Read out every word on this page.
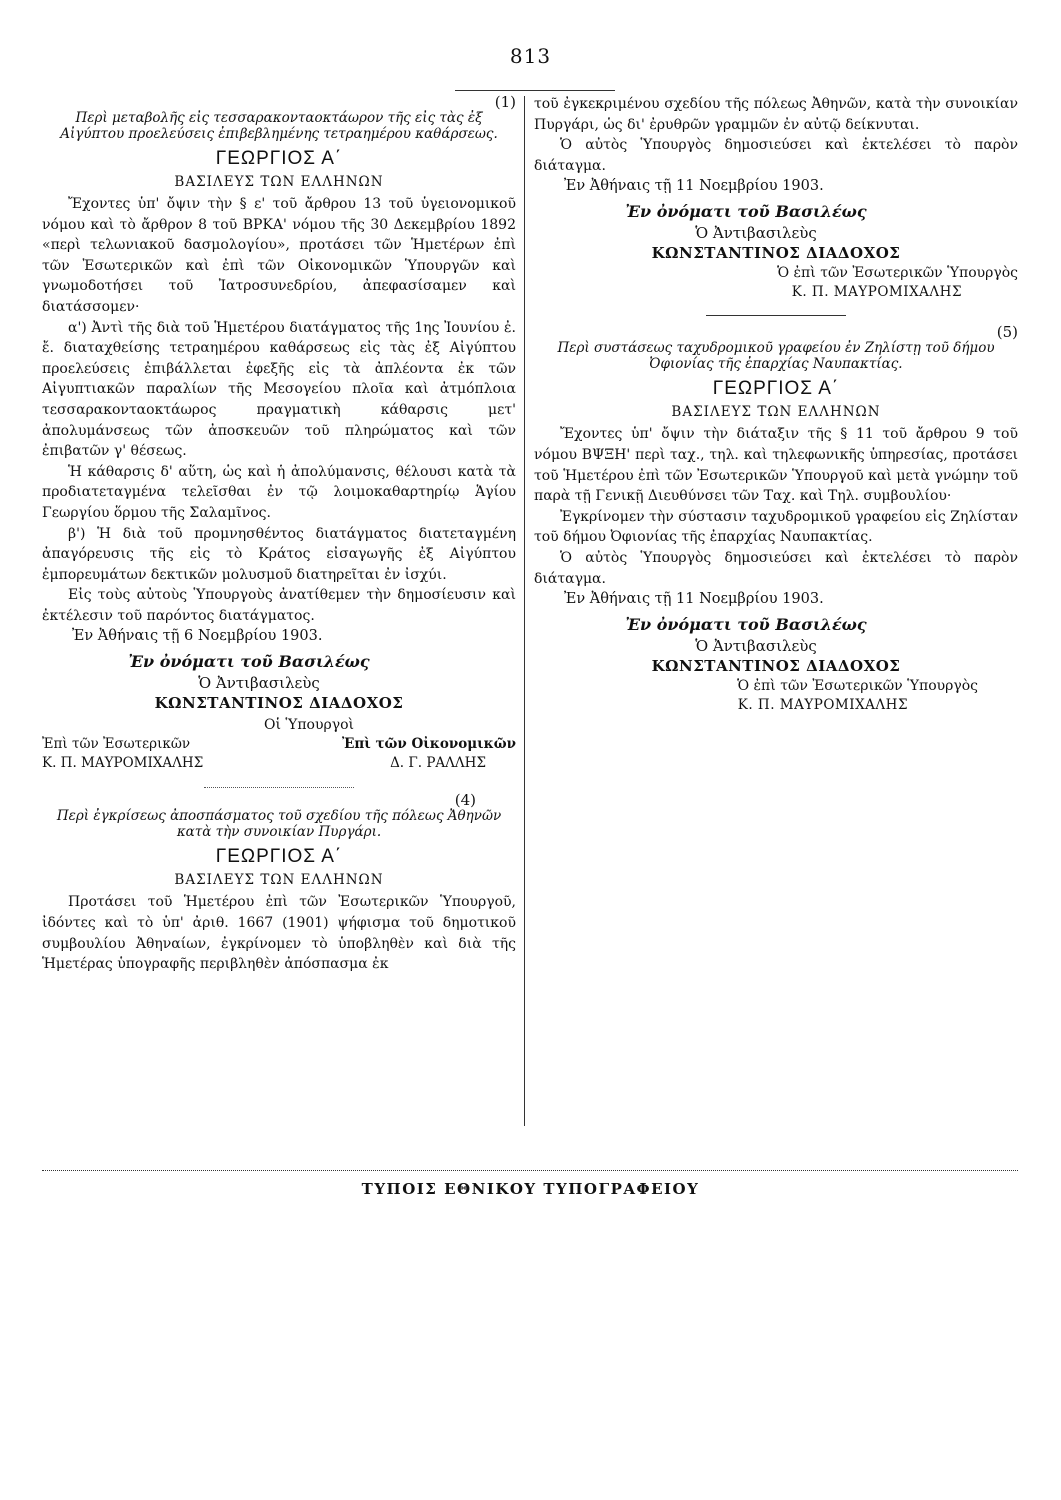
813

(1)

Περὶ μεταβολῆς εἰς τεσσαρακονταοκτάωρον τῆς εἰς τὰς ἐξ Αἰγύπτου προελεύσεις ἐπιβεβλημένης τετραημέρου καθάρσεως.

ΓΕΩΡΓΙΟΣ Α΄
ΒΑΣΙΛΕΥΣ ΤΩΝ ΕΛΛΗΝΩΝ

Ἔχοντες ὑπ' ὄψιν τὴν § ε' τοῦ ἄρθρου 13 τοῦ ὑγειονομικοῦ νόμου καὶ τὸ ἄρθρον 8 τοῦ ΒΡΚΑ' νόμου τῆς 30 Δεκεμβρίου 1892 «περὶ τελωνιακοῦ δασμολογίου», προτάσει τῶν Ἡμετέρων ἐπὶ τῶν Ἐσωτερικῶν καὶ ἐπὶ τῶν Οἰκονομικῶν Ὑπουργῶν καὶ γνωμοδοτήσει τοῦ Ἰατροσυνεδρίου, ἀπεφασίσαμεν καὶ διατάσσομεν·

α') Ἀντὶ τῆς διὰ τοῦ Ἡμετέρου διατάγματος τῆς 1ης Ἰουνίου ἐ. ἔ. διαταχθείσης τετραημέρου καθάρσεως εἰς τὰς ἐξ Αἰγύπτου προελεύσεις ἐπιβάλλεται ἐφεξῆς εἰς τὰ ἀπλέοντα ἐκ τῶν Αἰγυπτιακῶν παραλίων τῆς Μεσογείου πλοῖα καὶ ἀτμόπλοια τεσσαρακονταοκτάωρος πραγματικὴ κάθαρσις μετ' ἀπολυμάνσεως τῶν ἀποσκευῶν τοῦ πληρώματος καὶ τῶν ἐπιβατῶν γ' θέσεως.

Ἡ κάθαρσις δ' αὕτη, ὡς καὶ ἡ ἀπολύμανσις, θέλουσι κατὰ τὰ προδιατεταγμένα τελεῖσθαι ἐν τῷ λοιμοκαθαρτηρίῳ Ἁγίου Γεωργίου ὅρμου τῆς Σαλαμῖνος.

β') Ἡ διὰ τοῦ προμνησθέντος διατάγματος διατεταγμένη ἀπαγόρευσις τῆς εἰς τὸ Κράτος εἰσαγωγῆς ἐξ Αἰγύπτου ἐμπορευμάτων δεκτικῶν μολυσμοῦ διατηρεῖται ἐν ἰσχύι.

Εἰς τοὺς αὐτοὺς Ὑπουργοὺς ἀνατίθεμεν τὴν δημοσίευσιν καὶ ἐκτέλεσιν τοῦ παρόντος διατάγματος.

Ἐν Ἀθήναις τῇ 6 Νοεμβρίου 1903.

Ἐν ὀνόματι τοῦ Βασιλέως

Ὁ Ἀντιβασιλεὺς

ΚΩΝΣΤΑΝΤΙΝΟΣ ΔΙΑΔΟΧΟΣ

Οἱ Ὑπουργοὶ

Ἐπὶ τῶν Ἐσωτερικῶν	Ἐπὶ τῶν Οἰκονομικῶν
Κ. Π. ΜΑΥΡΟΜΙΧΑΛΗΣ	Δ. Γ. ΡΑΛΛΗΣ

(4)

Περὶ ἐγκρίσεως ἀποσπάσματος τοῦ σχεδίου τῆς πόλεως Ἀθηνῶν κατὰ τὴν συνοικίαν Πυργάρι.

ΓΕΩΡΓΙΟΣ Α΄
ΒΑΣΙΛΕΥΣ ΤΩΝ ΕΛΛΗΝΩΝ

Προτάσει τοῦ Ἡμετέρου ἐπὶ τῶν Ἐσωτερικῶν Ὑπουργοῦ, ἰδόντες καὶ τὸ ὑπ' ἀριθ. 1667 (1901) ψήφισμα τοῦ δημοτικοῦ συμβουλίου Ἀθηναίων, ἐγκρίνομεν τὸ ὑποβληθὲν καὶ διὰ τῆς Ἡμετέρας ὑπογραφῆς περιβληθὲν ἀπόσπασμα ἐκ

τοῦ ἐγκεκριμένου σχεδίου τῆς πόλεως Ἀθηνῶν, κατὰ τὴν συνοικίαν Πυργάρι, ὡς δι' ἐρυθρῶν γραμμῶν ἐν αὐτῷ δείκνυται.

Ὁ αὐτὸς Ὑπουργὸς δημοσιεύσει καὶ ἐκτελέσει τὸ παρὸν διάταγμα.

Ἐν Ἀθήναις τῇ 11 Νοεμβρίου 1903.

Ἐν ὀνόματι τοῦ Βασιλέως

Ὁ Ἀντιβασιλεὺς

ΚΩΝΣΤΑΝΤΙΝΟΣ ΔΙΑΔΟΧΟΣ

Ὁ ἐπὶ τῶν Ἐσωτερικῶν Ὑπουργὸς

Κ. Π. ΜΑΥΡΟΜΙΧΑΛΗΣ

(5)

Περὶ συστάσεως ταχυδρομικοῦ γραφείου ἐν Ζηλίστῃ τοῦ δήμου Ὀφιονίας τῆς ἐπαρχίας Ναυπακτίας.

ΓΕΩΡΓΙΟΣ Α΄
ΒΑΣΙΛΕΥΣ ΤΩΝ ΕΛΛΗΝΩΝ

Ἔχοντες ὑπ' ὄψιν τὴν διάταξιν τῆς § 11 τοῦ ἄρθρου 9 τοῦ νόμου ΒΨΞΗ' περὶ ταχ., τηλ. καὶ τηλεφωνικῆς ὑπηρεσίας, προτάσει τοῦ Ἡμετέρου ἐπὶ τῶν Ἐσωτερικῶν Ὑπουργοῦ καὶ μετὰ γνώμην τοῦ παρὰ τῇ Γενικῇ Διευθύνσει τῶν Ταχ. καὶ Τηλ. συμβουλίου·

Ἐγκρίνομεν τὴν σύστασιν ταχυδρομικοῦ γραφείου εἰς Ζηλίσταν τοῦ δήμου Ὀφιονίας τῆς ἐπαρχίας Ναυπακτίας.

Ὁ αὐτὸς Ὑπουργὸς δημοσιεύσει καὶ ἐκτελέσει τὸ παρὸν διάταγμα.

Ἐν Ἀθήναις τῇ 11 Νοεμβρίου 1903.

Ἐν ὀνόματι τοῦ Βασιλέως

Ὁ Ἀντιβασιλεὺς

ΚΩΝΣΤΑΝΤΙΝΟΣ ΔΙΑΔΟΧΟΣ

Ὁ ἐπὶ τῶν Ἐσωτερικῶν Ὑπουργὸς

Κ. Π. ΜΑΥΡΟΜΙΧΑΛΗΣ

ΤΥΠΟΙΣ ΕΘΝΙΚΟΥ ΤΥΠΟΓΡΑΦΕΙΟΥ
